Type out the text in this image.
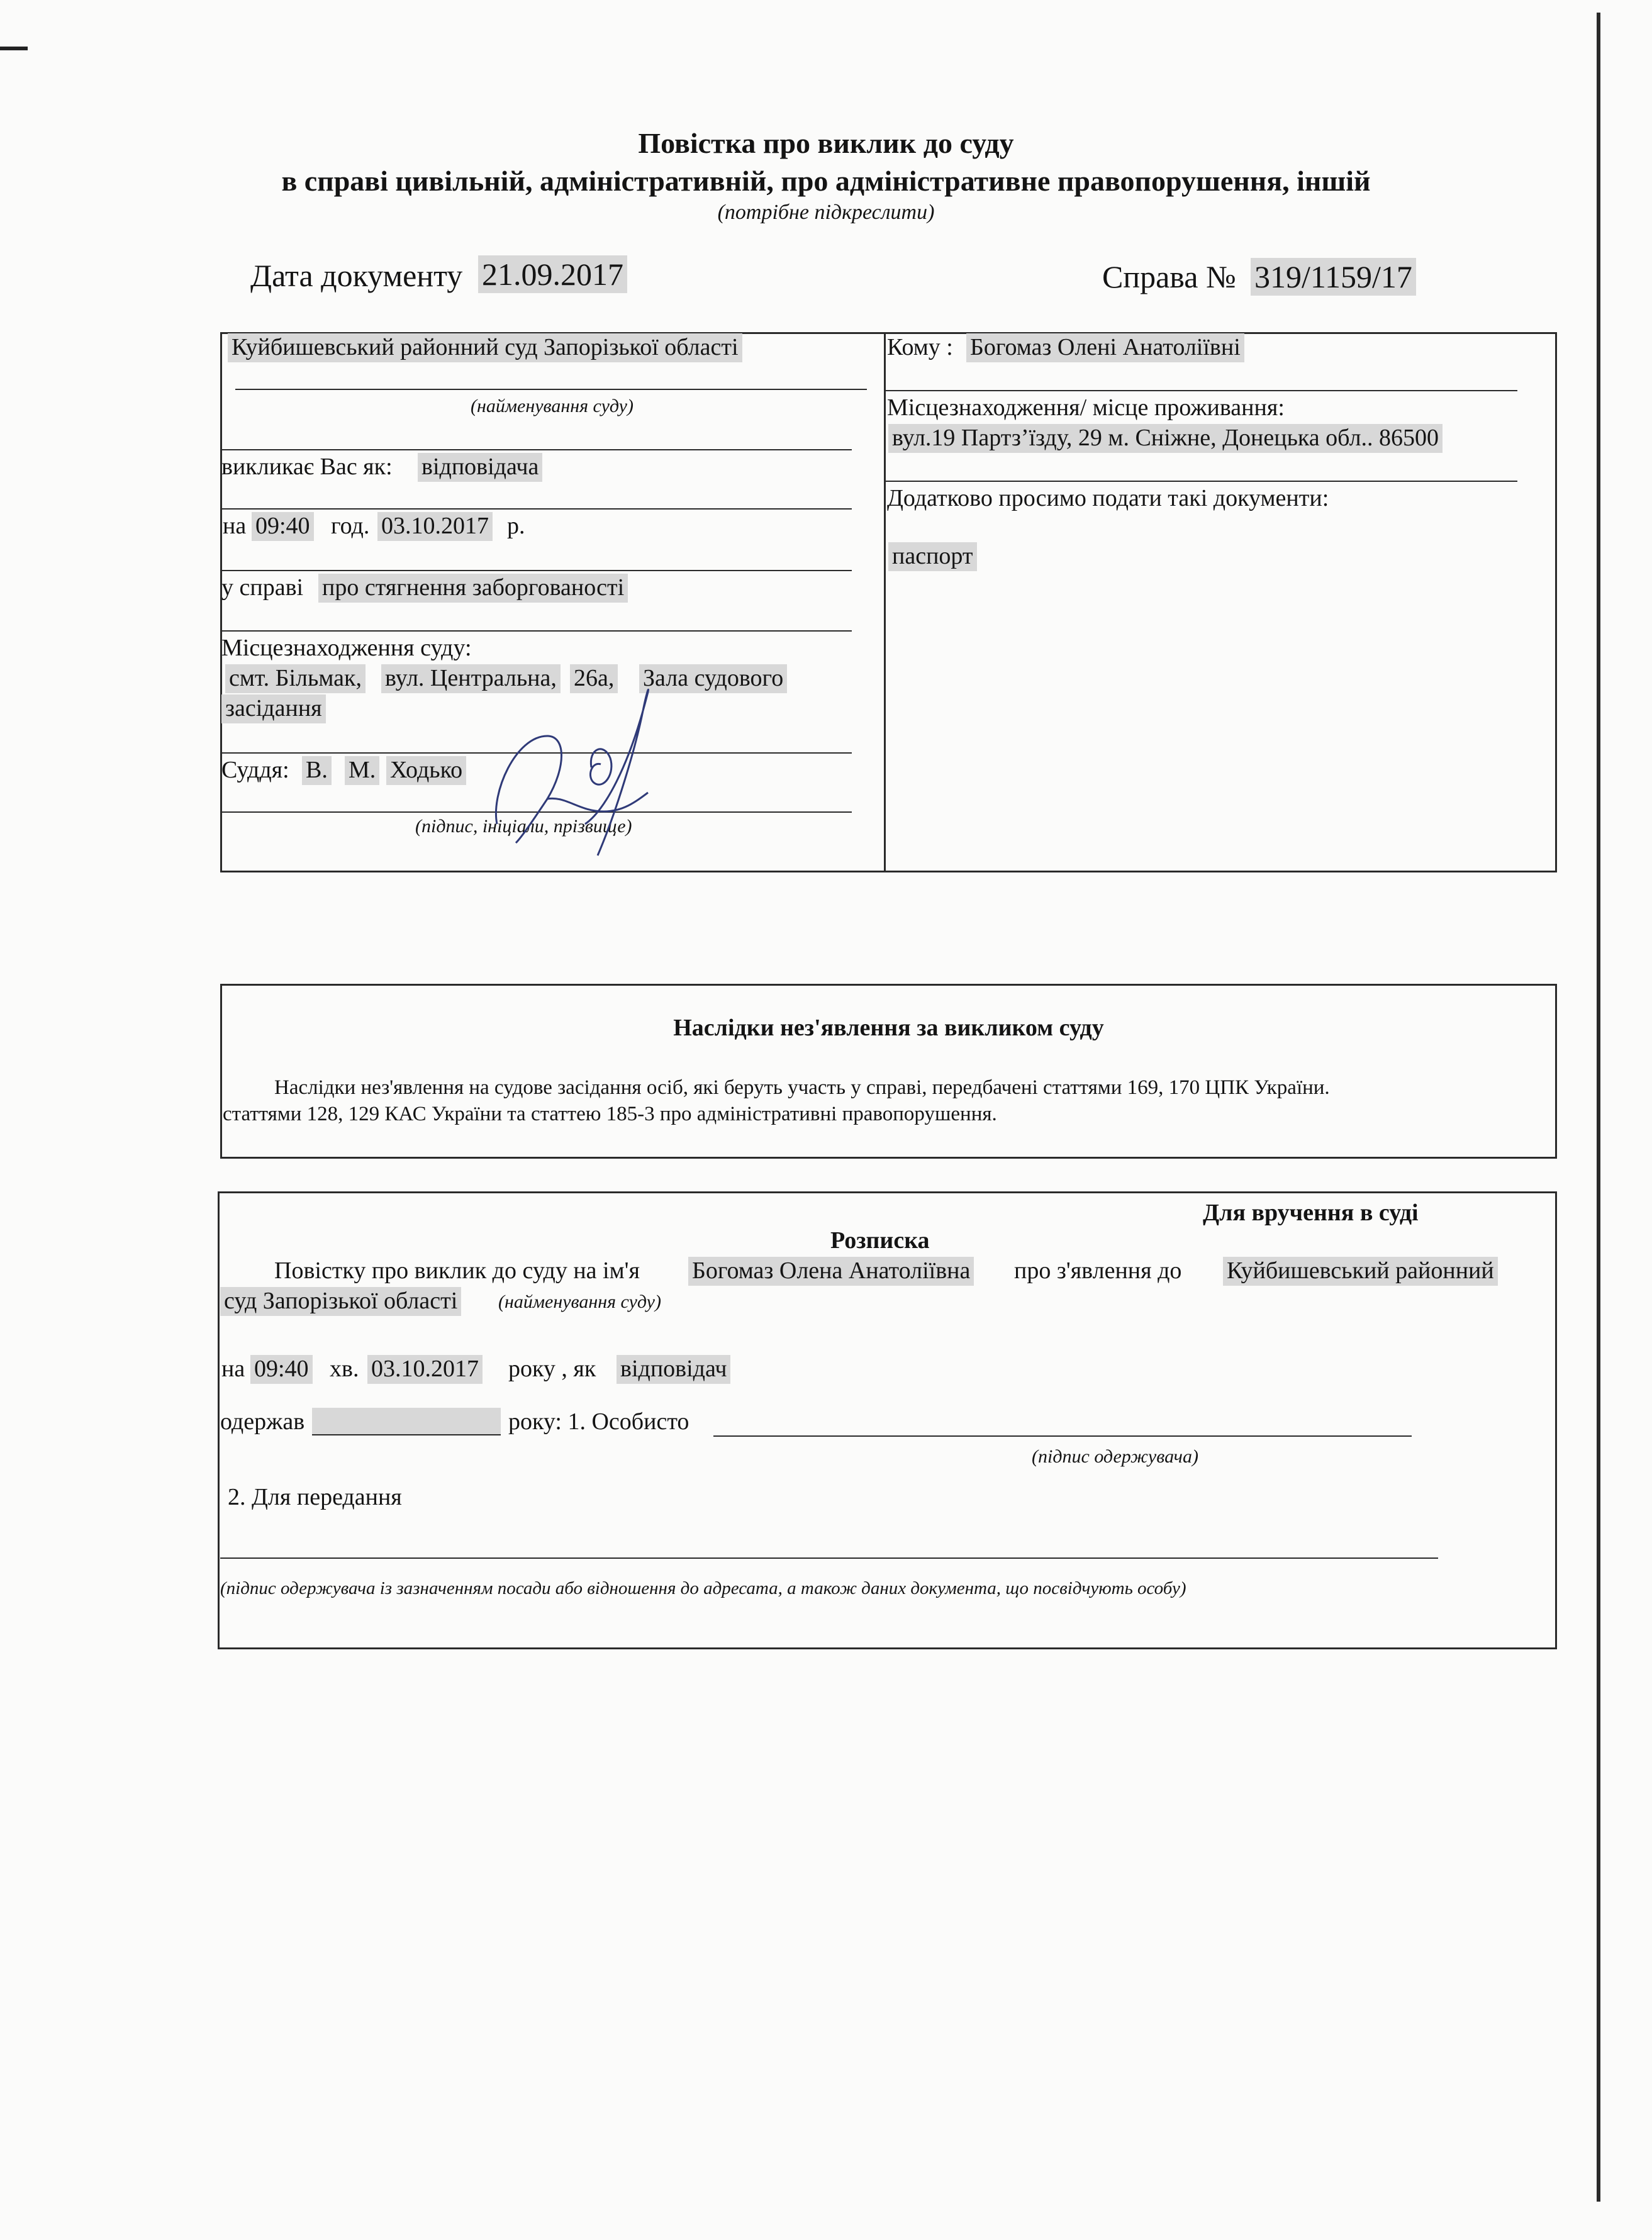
Повістка про виклик до суду
в справі цивільній, адміністративній, про адміністративне правопорушення, іншій
(потрібне підкреслити)
Дата документу 21.09.2017	Справа № 319/1159/17
Куйбишевський районний суд Запорізької області
(найменування суду)
викликає Вас як: відповідача
на 09:40 год. 03.10.2017 р.
у справі про стягнення заборгованості
Місцезнаходження суду:
смт. Більмак, вул. Центральна, 26а, Зала судового
засідання
Суддя: В. М. Ходько
(підпис, ініціали, прізвище)
Кому : Богомаз Олені Анатоліївні
Місцезнаходження/ місце проживання:
вул.19 Партз’їзду, 29 м. Сніжне, Донецька обл.. 86500
Додатково просимо подати такі документи:
паспорт
Наслідки нез'явлення за викликом суду
Наслідки нез'явлення на судове засідання осіб, які беруть участь у справі, передбачені статтями 169, 170 ЦПК України.
статтями 128, 129 КАС України та статтею 185-3 про адміністративні правопорушення.
Для вручення в суді
Розписка
Повістку про виклик до суду на ім'я Богомаз Олена Анатоліївна про з'явлення до Куйбишевський районний
суд Запорізької області (найменування суду)
на 09:40 хв. 03.10.2017 року , як відповідач
одержав	року: 1. Особисто
(підпис одержувача)
2. Для передання
(підпис одержувача із зазначенням посади або відношення до адресата, а також даних документа, що посвідчують особу)
